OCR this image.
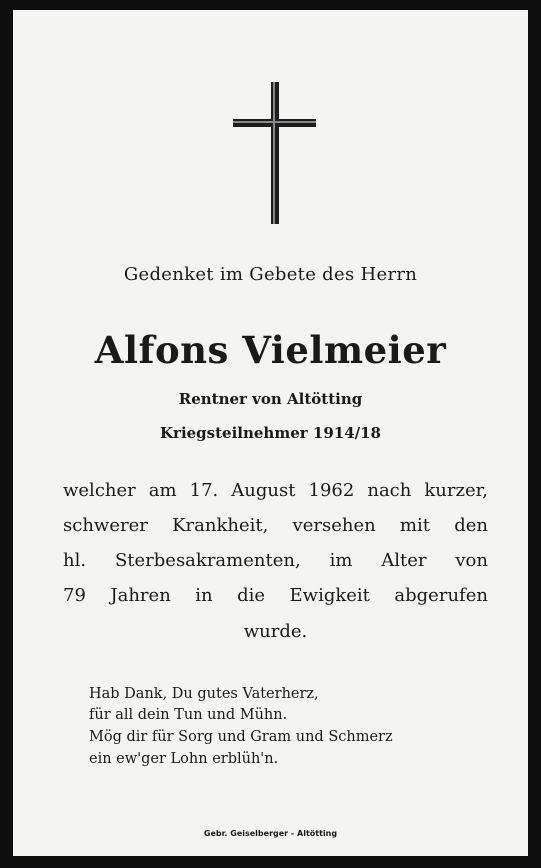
Gedenket im Gebete des Herrn
Alfons Vielmeier
Rentner von Altötting
Kriegsteilnehmer 1914/18
welcher am 17. August 1962 nach kurzer,
schwerer Krankheit, versehen mit den
hl. Sterbesakramenten, im Alter von
79 Jahren in die Ewigkeit abgerufen
wurde.
Hab Dank, Du gutes Vaterherz,
für all dein Tun und Mühn.
Mög dir für Sorg und Gram und Schmerz
ein ew'ger Lohn erblüh'n.
Gebr. Geiselberger - Altötting
